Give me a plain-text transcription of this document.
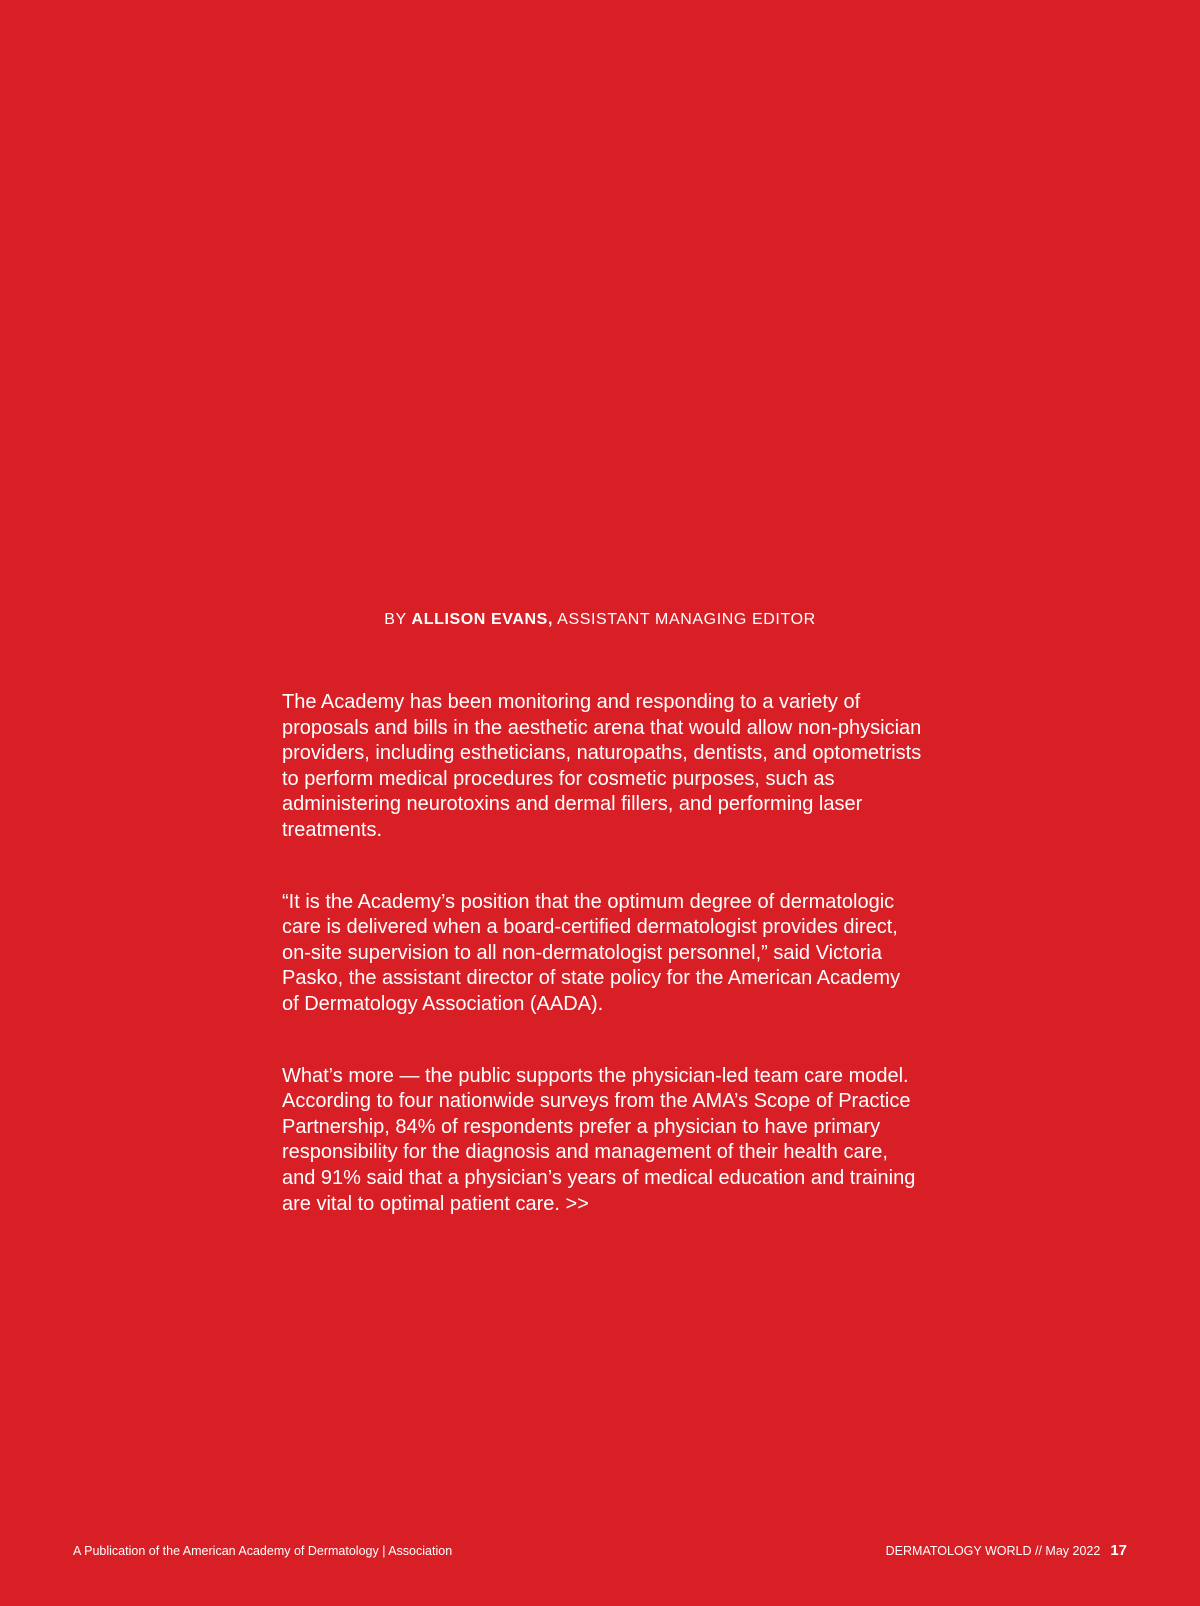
BY ALLISON EVANS, ASSISTANT MANAGING EDITOR

The Academy has been monitoring and responding to a variety of proposals and bills in the aesthetic arena that would allow non-physician providers, including estheticians, naturopaths, dentists, and optometrists to perform medical procedures for cosmetic purposes, such as administering neurotoxins and dermal fillers, and performing laser treatments.

“It is the Academy’s position that the optimum degree of dermatologic care is delivered when a board-certified dermatologist provides direct, on-site supervision to all non-dermatologist personnel,” said Victoria Pasko, the assistant director of state policy for the American Academy of Dermatology Association (AADA).

What’s more — the public supports the physician-led team care model. According to four nationwide surveys from the AMA’s Scope of Practice Partnership, 84% of respondents prefer a physician to have primary responsibility for the diagnosis and management of their health care, and 91% said that a physician’s years of medical education and training are vital to optimal patient care. >>

A Publication of the American Academy of Dermatology | Association	DERMATOLOGY WORLD // May 2022 17
